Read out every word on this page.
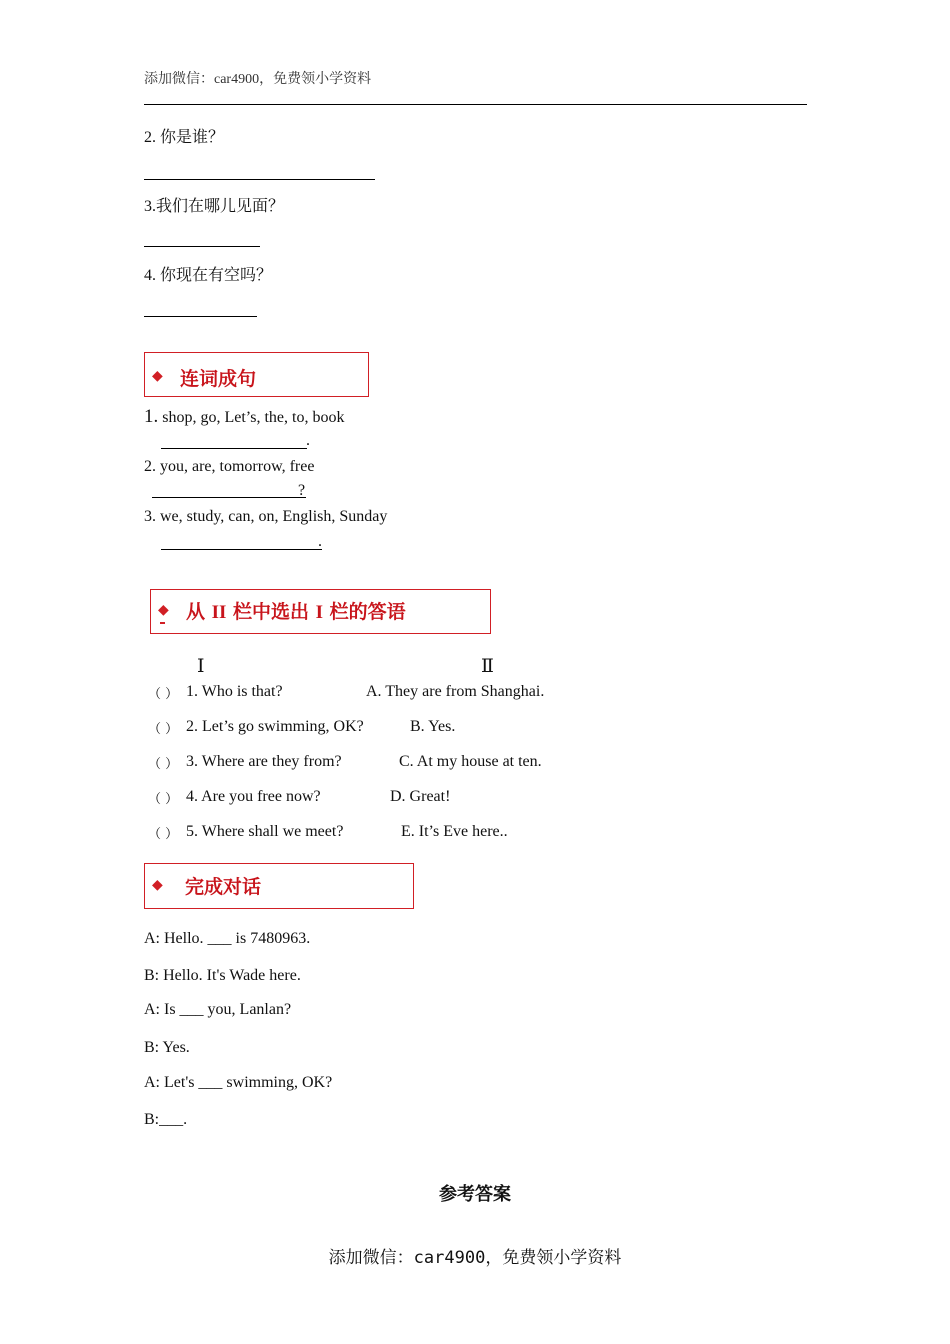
添加微信：car4900，免费领小学资料
2. 你是谁？
3.我们在哪儿见面？
4. 你现在有空吗？
◆ 连词成句
1. shop, go, Let’s, the, to, book
.
2. you, are, tomorrow, free
?
3. we, study, can, on, English, Sunday
.
◆ 从 II 栏中选出 I 栏的答语
Ⅰ	Ⅱ
（ ） 1. Who is that?	A. They are from Shanghai.
（ ） 2. Let’s go swimming, OK?	B. Yes.
（ ） 3. Where are they from?	C. At my house at ten.
（ ） 4. Are you free now?	D. Great!
（ ） 5. Where shall we meet?	E. It’s Eve here..
◆ 完成对话
A: Hello. ___ is 7480963.
B: Hello. It's Wade here.
A: Is ___ you, Lanlan?
B: Yes.
A: Let's ___ swimming, OK?
B:___.
参考答案
添加微信：car4900，免费领小学资料
